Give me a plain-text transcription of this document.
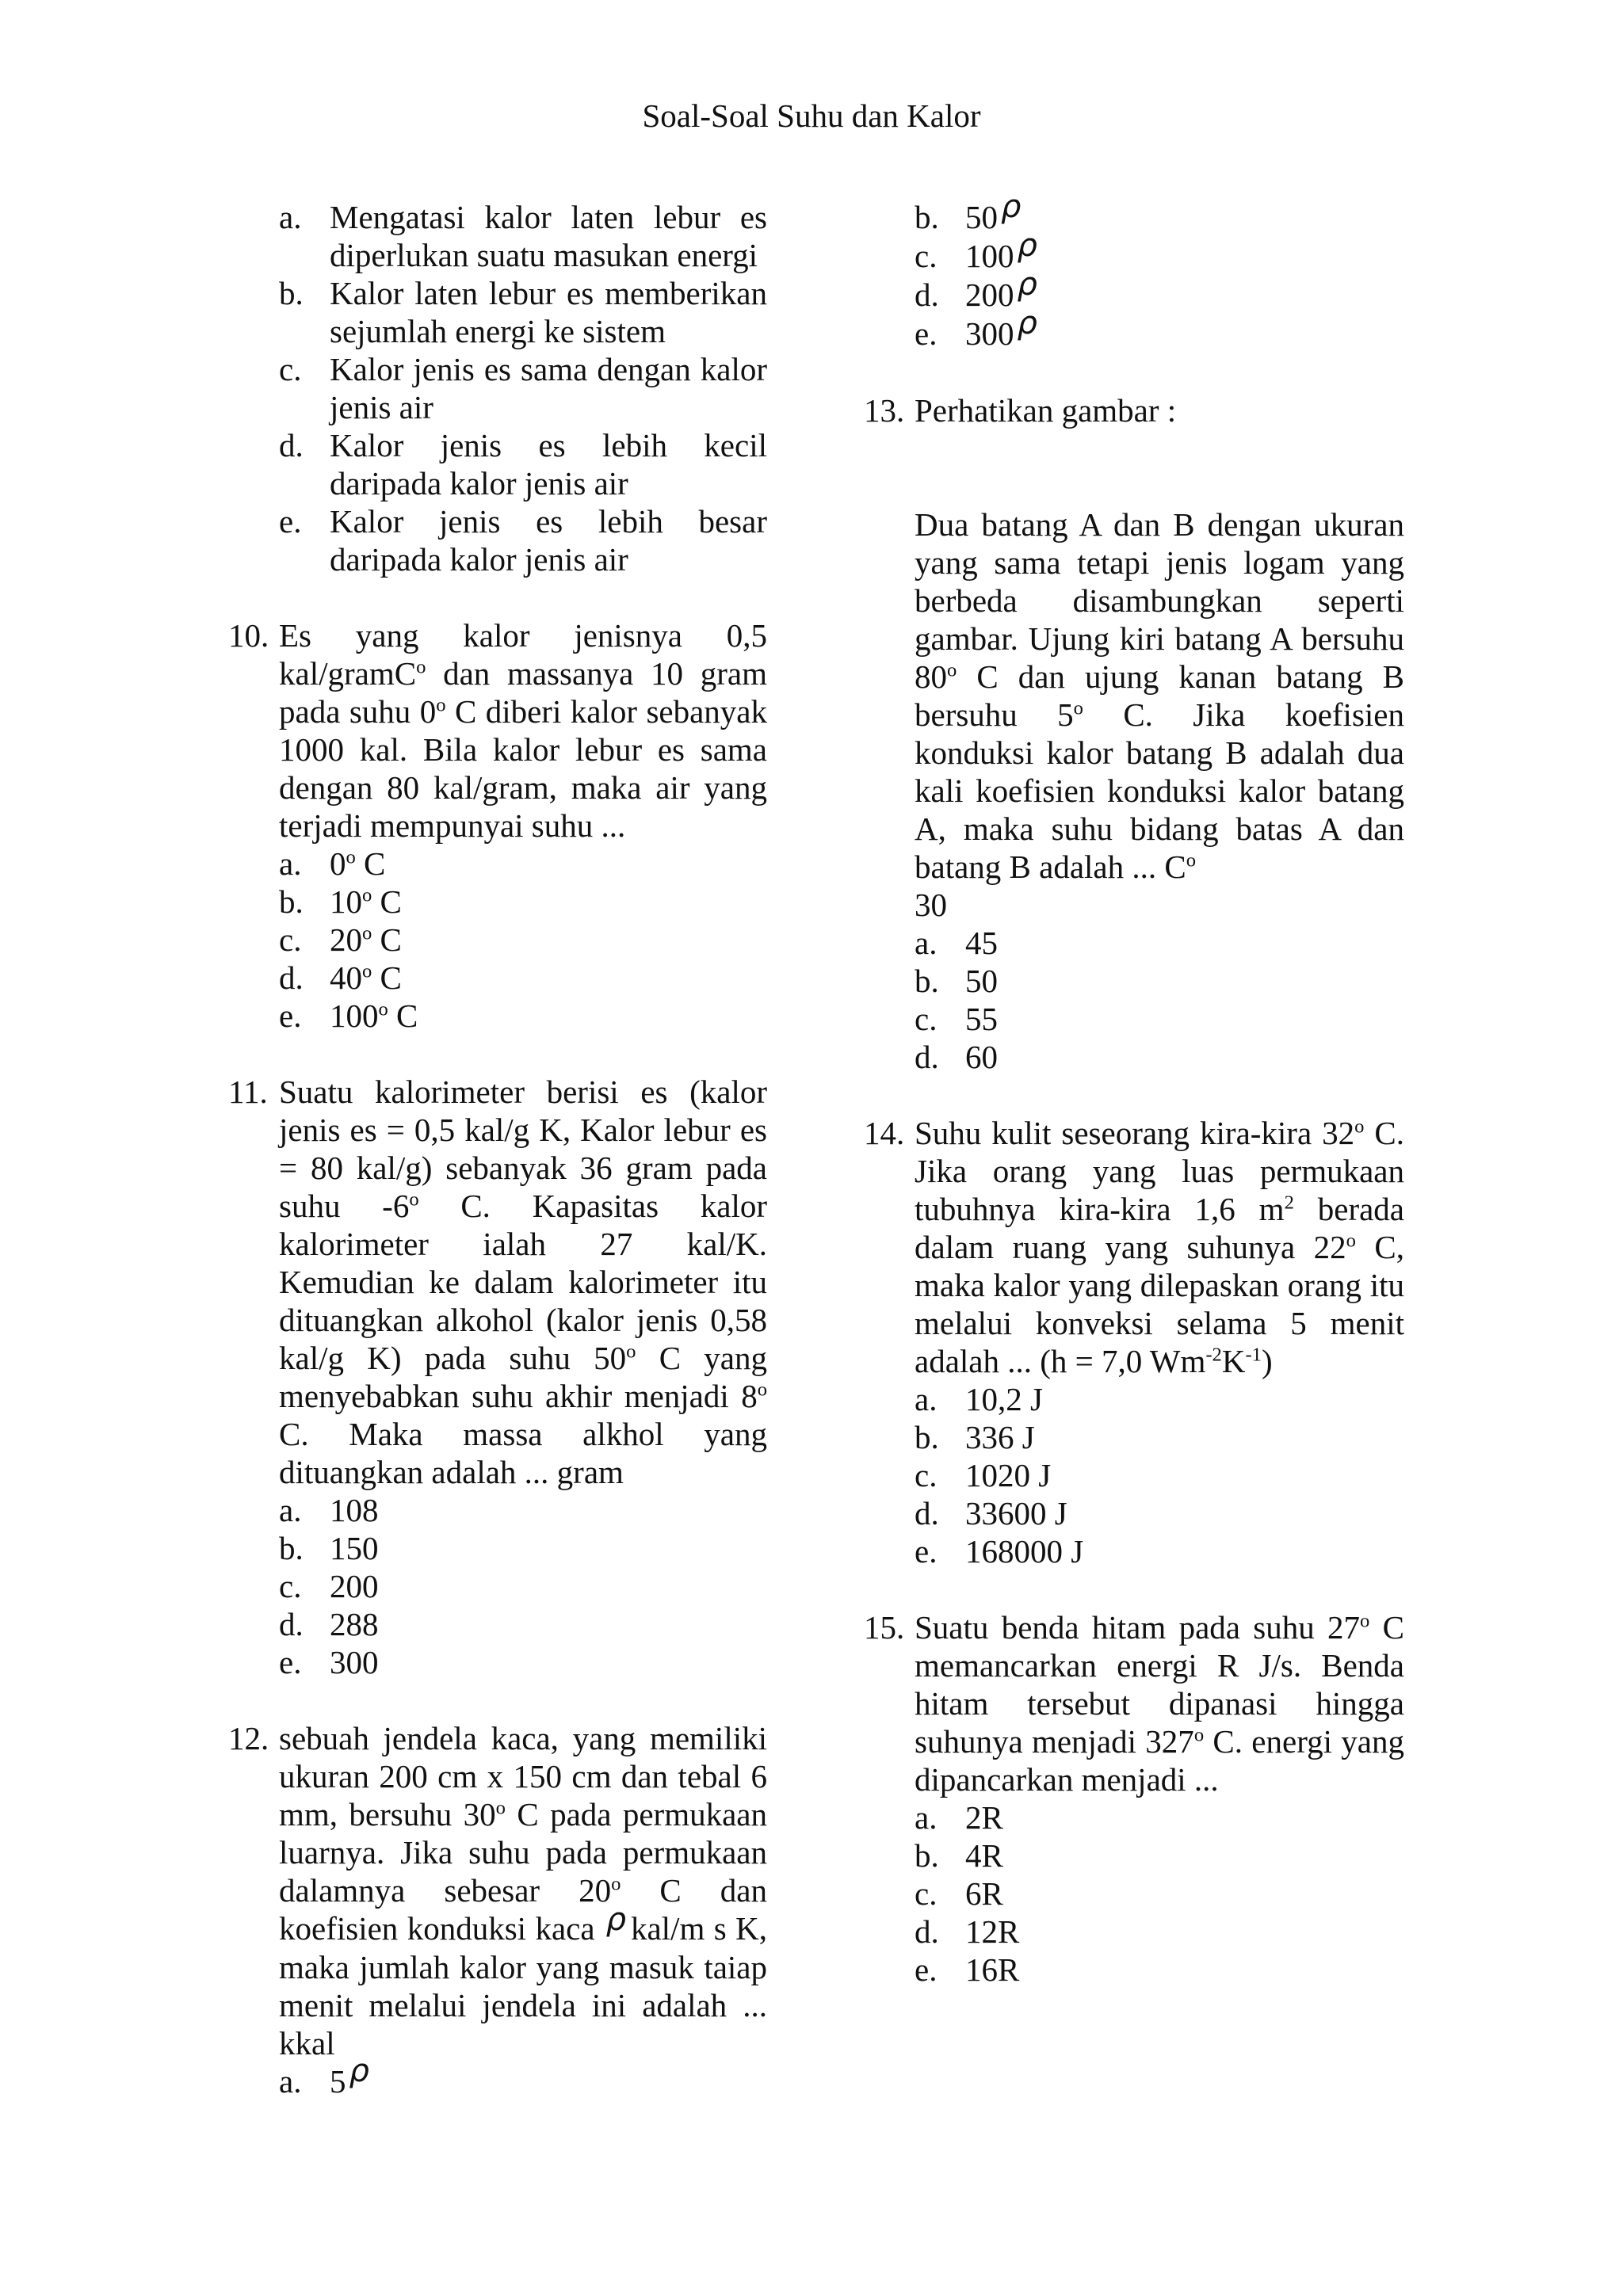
Soal-Soal Suhu dan Kalor
a. Mengatasi kalor laten lebur es diperlukan suatu masukan energi
b. Kalor laten lebur es memberikan sejumlah energi ke sistem
c. Kalor jenis es sama dengan kalor jenis air
d. Kalor jenis es lebih kecil daripada kalor jenis air
e. Kalor jenis es lebih besar daripada kalor jenis air
10. Es yang kalor jenisnya 0,5 kal/gramC$^o$ dan massanya 10 gram pada suhu 0$^o$ C diberi kalor sebanyak 1000 kal. Bila kalor lebur es sama dengan 80 kal/gram, maka air yang terjadi mempunyai suhu ...
a. 0$^o$ C
b. 10$^o$ C
c. 20$^o$ C
d. 40$^o$ C
e. 100$^o$ C
11. Suatu kalorimeter berisi es (kalor jenis es = 0,5 kal/g K, Kalor lebur es = 80 kal/g) sebanyak 36 gram pada suhu -6$^o$ C. Kapasitas kalor kalorimeter ialah 27 kal/K. Kemudian ke dalam kalorimeter itu dituangkan alkohol (kalor jenis 0,58 kal/g K) pada suhu 50$^o$ C yang menyebabkan suhu akhir menjadi 8$^o$ C. Maka massa alkhol yang dituangkan adalah ... gram
a. 108
b. 150
c. 200
d. 288
e. 300
12. sebuah jendela kaca, yang memiliki ukuran 200 cm x 150 cm dan tebal 6 mm, bersuhu 30$^o$ C pada permukaan luarnya. Jika suhu pada permukaan dalamnya sebesar 20$^o$ C dan koefisien konduksi kaca ρ kal/m s K, maka jumlah kalor yang masuk taiap menit melalui jendela ini adalah ... kkal
a. 5 ρ
b. 50 ρ
c. 100 ρ
d. 200 ρ
e. 300 ρ
13. Perhatikan gambar :
Dua batang A dan B dengan ukuran yang sama tetapi jenis logam yang berbeda disambungkan seperti gambar. Ujung kiri batang A bersuhu 80$^o$ C dan ujung kanan batang B bersuhu 5$^o$ C. Jika koefisien konduksi kalor batang B adalah dua kali koefisien konduksi kalor batang A, maka suhu bidang batas A dan batang B adalah ... $C^o$
30
a. 45
b. 50
c. 55
d. 60
14. Suhu kulit seseorang kira-kira 32$^o$ C. Jika orang yang luas permukaan tubuhnya kira-kira 1,6 $m^2$ berada dalam ruang yang suhunya 22$^o$ C, maka kalor yang dilepaskan orang itu melalui konveksi selama 5 menit adalah ... (h = 7,0 $Wm^{-2}K^{-1}$)
a. 10,2 J
b. 336 J
c. 1020 J
d. 33600 J
e. 168000 J
15. Suatu benda hitam pada suhu 27$^o$ C memancarkan energi R J/s. Benda hitam tersebut dipanasi hingga suhunya menjadi 327$^o$ C. energi yang dipancarkan menjadi ...
a. 2R
b. 4R
c. 6R
d. 12R
e. 16R
